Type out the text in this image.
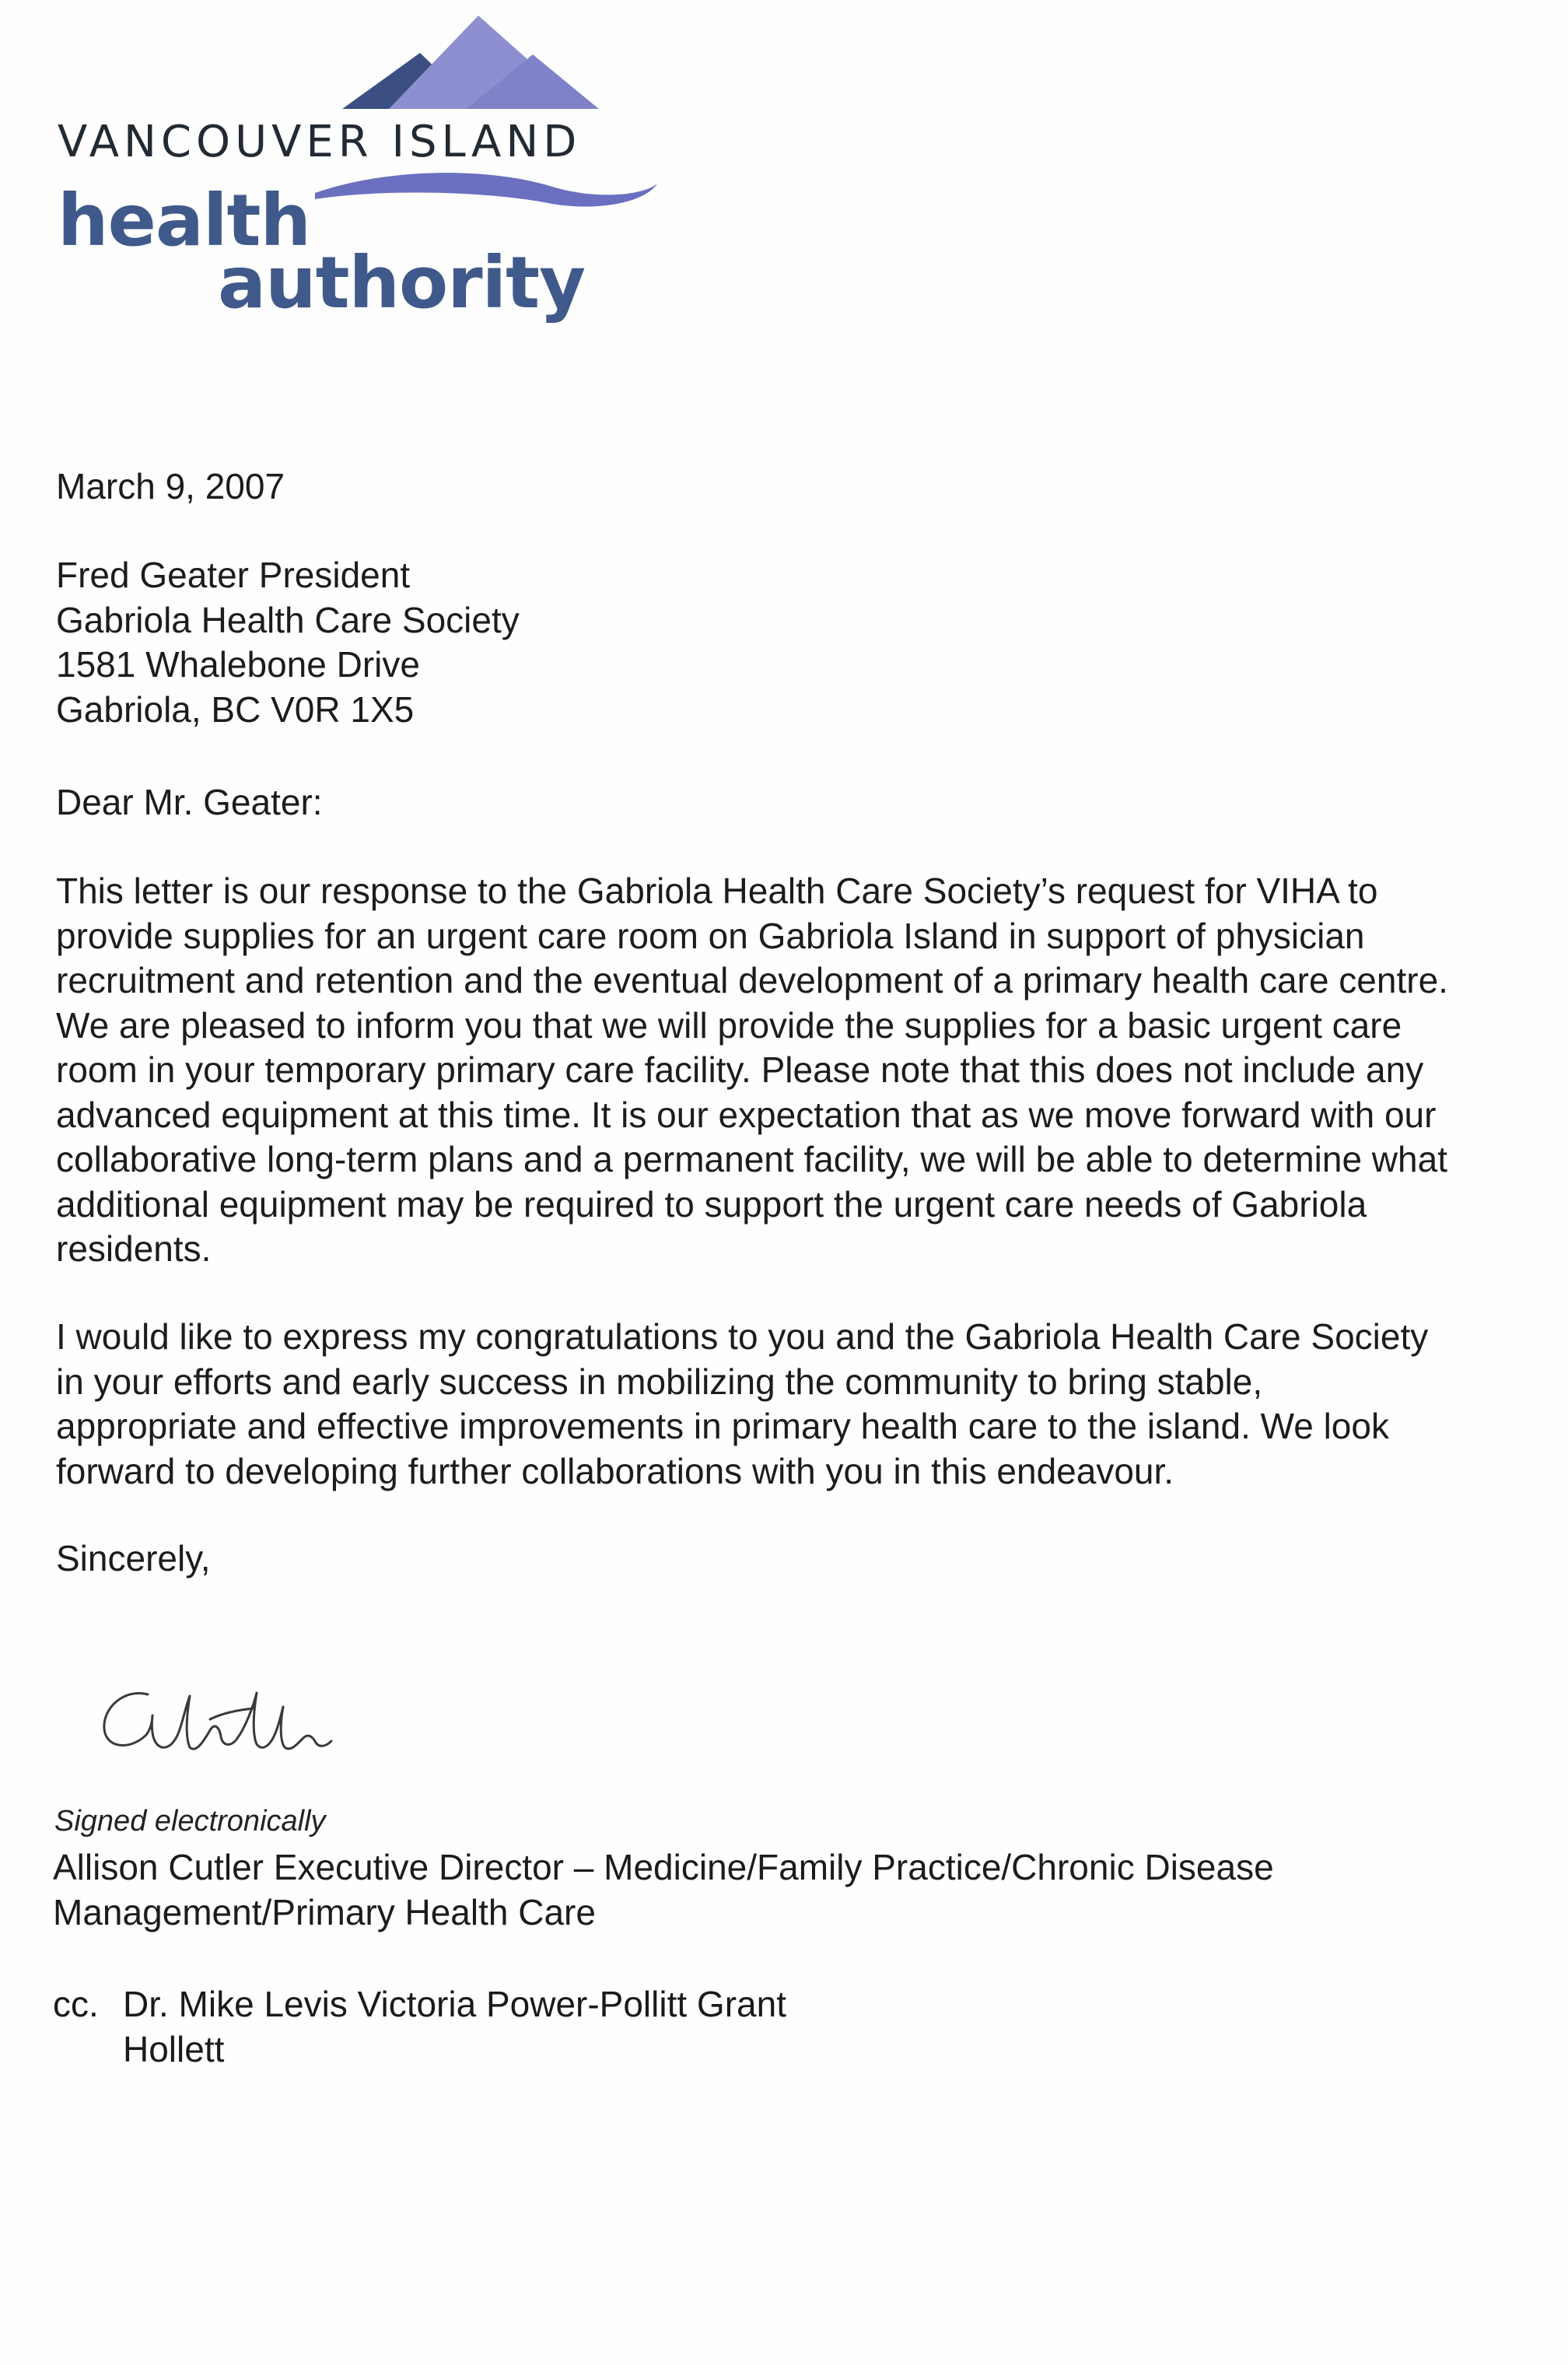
VANCOUVER ISLAND
health
authority
March 9, 2007
Fred Geater President
Gabriola Health Care Society
1581 Whalebone Drive
Gabriola, BC V0R 1X5
Dear Mr. Geater:
This letter is our response to the Gabriola Health Care Society’s request for VIHA to
provide supplies for an urgent care room on Gabriola Island in support of physician
recruitment and retention and the eventual development of a primary health care centre.
We are pleased to inform you that we will provide the supplies for a basic urgent care
room in your temporary primary care facility. Please note that this does not include any
advanced equipment at this time. It is our expectation that as we move forward with our
collaborative long-term plans and a permanent facility, we will be able to determine what
additional equipment may be required to support the urgent care needs of Gabriola
residents.
I would like to express my congratulations to you and the Gabriola Health Care Society
in your efforts and early success in mobilizing the community to bring stable,
appropriate and effective improvements in primary health care to the island. We look
forward to developing further collaborations with you in this endeavour.
Sincerely,
Signed electronically
Allison Cutler Executive Director – Medicine/Family Practice/Chronic Disease
Management/Primary Health Care
cc. Dr. Mike Levis Victoria Power-Pollitt Grant
Hollett
